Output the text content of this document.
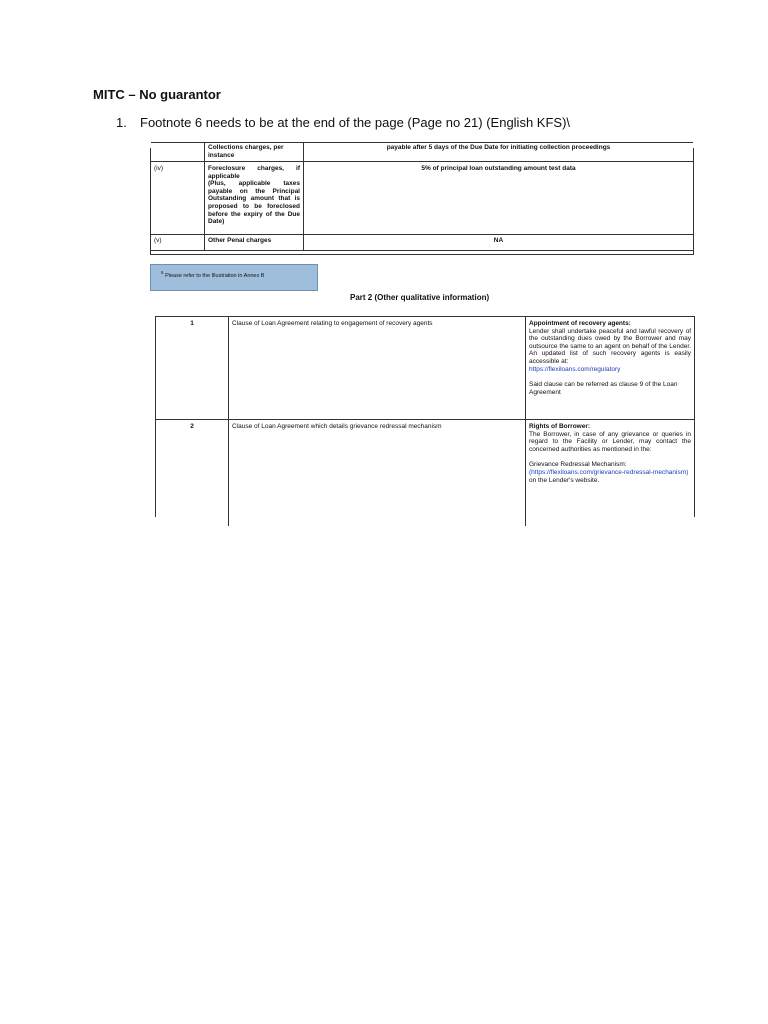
MITC – No guarantor
1. Footnote 6 needs to be at the end of the page (Page no 21) (English KFS)\
	Collections charges, per instance	payable after 5 days of the Due Date for initiating collection proceedings
(iv)	Foreclosure charges, if applicable
(Plus, applicable taxes payable on the Principal Outstanding amount that is proposed to be foreclosed before the expiry of the Due Date)	5% of principal loan outstanding amount test data
(v)	Other Penal charges	NA
$^6$ Please refer to the Illustration in Annex B
Part 2 (Other qualitative information)
1	Clause of Loan Agreement relating to engagement of recovery agents	Appointment of recovery agents:
Lender shall undertake peaceful and lawful recovery of the outstanding dues owed by the Borrower and may outsource the same to an agent on behalf of the Lender. An updated list of such recovery agents is easily accessible at:
https://flexiloans.com/regulatory
Said clause can be referred as clause 9 of the Loan Agreement

2	Clause of Loan Agreement which details grievance redressal mechanism	Rights of Borrower:
The Borrower, in case of any grievance or queries in regard to the Facility or Lender, may contact the concerned authorities as mentioned in the:
Grievance Redressal Mechanism:
(https://flexiloans.com/grievance-redressal-mechanism) on the Lender's website.
